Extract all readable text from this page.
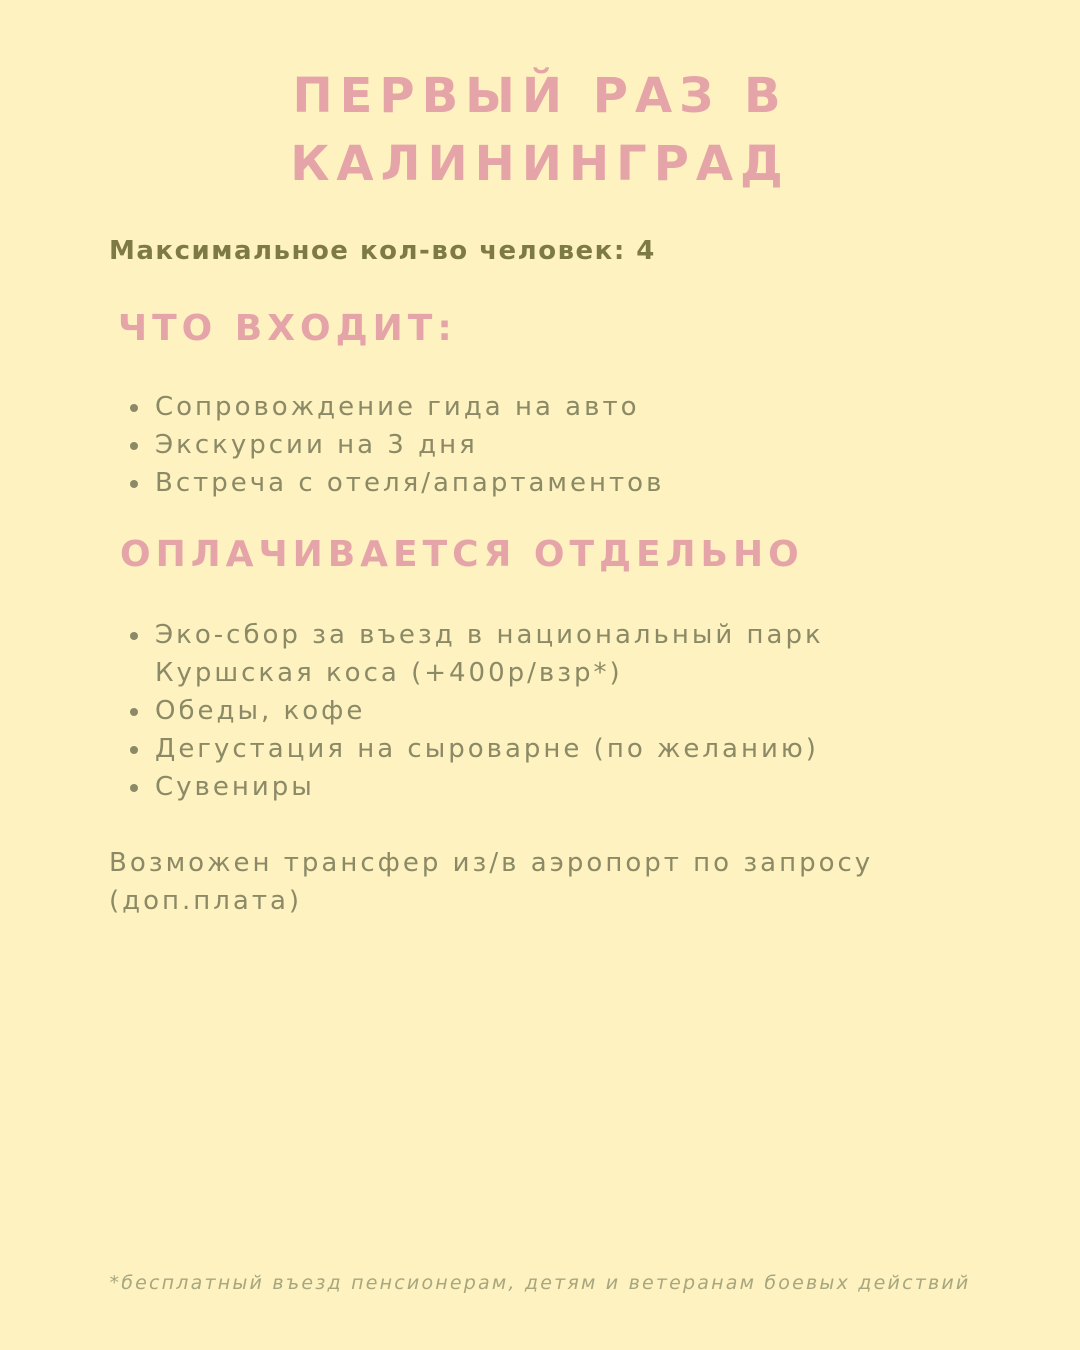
ПЕРВЫЙ РАЗ В
КАЛИНИНГРАД

Максимальное кол-во человек: 4

ЧТО ВХОДИТ:
Сопровождение гида на авто
Экскурсии на 3 дня
Встреча с отеля/апартаментов
ОПЛАЧИВАЕТСЯ ОТДЕЛЬНО
Эко-сбор за въезд в национальный парк Куршская коса (+400р/взр*)
Обеды, кофе
Дегустация на сыроварне (по желанию)
Сувениры

Возможен трансфер из/в аэропорт по запросу (доп.плата)

*бесплатный въезд пенсионерам, детям и ветеранам боевых действий
